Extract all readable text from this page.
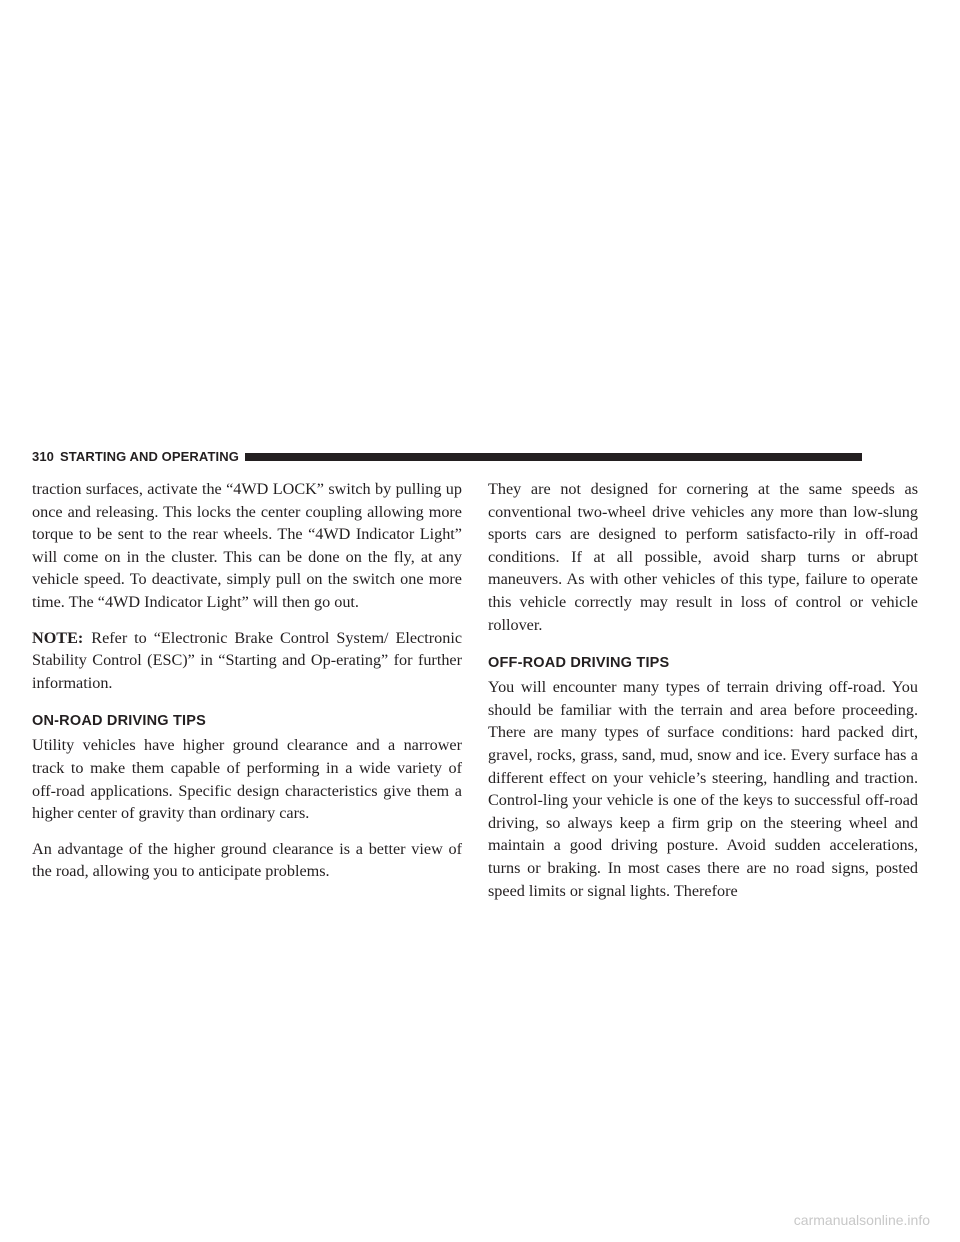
310 STARTING AND OPERATING

traction surfaces, activate the “4WD LOCK” switch by pulling up once and releasing. This locks the center coupling allowing more torque to be sent to the rear wheels. The “4WD Indicator Light” will come on in the cluster. This can be done on the fly, at any vehicle speed. To deactivate, simply pull on the switch one more time. The “4WD Indicator Light” will then go out.

NOTE: Refer to “Electronic Brake Control System/ Electronic Stability Control (ESC)” in “Starting and Op-erating” for further information.

ON-ROAD DRIVING TIPS

Utility vehicles have higher ground clearance and a narrower track to make them capable of performing in a wide variety of off-road applications. Specific design characteristics give them a higher center of gravity than ordinary cars.

An advantage of the higher ground clearance is a better view of the road, allowing you to anticipate problems.

They are not designed for cornering at the same speeds as conventional two-wheel drive vehicles any more than low-slung sports cars are designed to perform satisfacto-rily in off-road conditions. If at all possible, avoid sharp turns or abrupt maneuvers. As with other vehicles of this type, failure to operate this vehicle correctly may result in loss of control or vehicle rollover.

OFF-ROAD DRIVING TIPS

You will encounter many types of terrain driving off-road. You should be familiar with the terrain and area before proceeding. There are many types of surface conditions: hard packed dirt, gravel, rocks, grass, sand, mud, snow and ice. Every surface has a different effect on your vehicle’s steering, handling and traction. Control-ling your vehicle is one of the keys to successful off-road driving, so always keep a firm grip on the steering wheel and maintain a good driving posture. Avoid sudden accelerations, turns or braking. In most cases there are no road signs, posted speed limits or signal lights. Therefore

carmanualsonline.info
